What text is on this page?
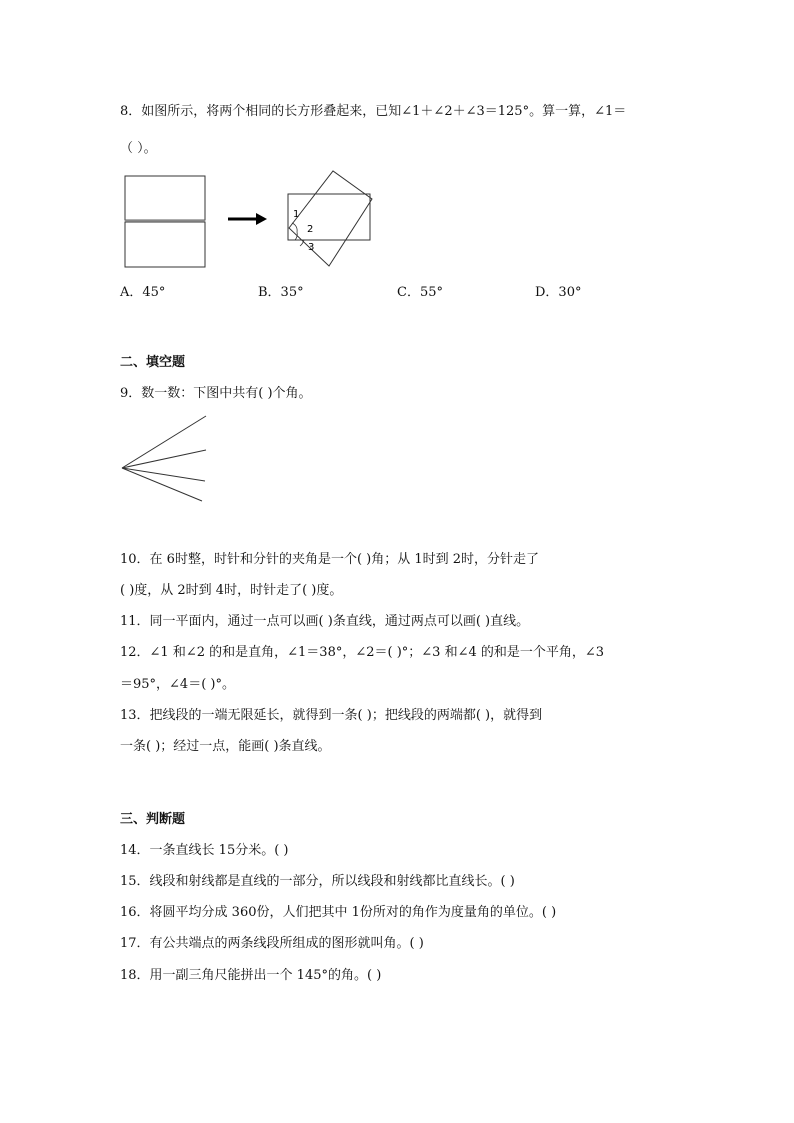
8．如图所示，将两个相同的长方形叠起来，已知∠1＋∠2＋∠3＝125°。算一算，∠1＝
（ ）。
1
2
3
A．45°	B．35°	C．55°	D．30°
二、填空题
9．数一数：下图中共有( )个角。
10．在 6时整，时针和分针的夹角是一个( )角；从 1时到 2时，分针走了
( )度，从 2时到 4时，时针走了( )度。
11．同一平面内，通过一点可以画( )条直线，通过两点可以画( )直线。
12．∠1 和∠2 的和是直角，∠1＝38°，∠2＝( )°；∠3 和∠4 的和是一个平角，∠3
＝95°，∠4＝( )°。
13．把线段的一端无限延长，就得到一条( )；把线段的两端都( )，就得到
一条( )；经过一点，能画( )条直线。
三、判断题
14．一条直线长 15分米。( )
15．线段和射线都是直线的一部分，所以线段和射线都比直线长。( )
16．将圆平均分成 360份，人们把其中 1份所对的角作为度量角的单位。( )
17．有公共端点的两条线段所组成的图形就叫角。( )
18．用一副三角尺能拼出一个 145°的角。( )
